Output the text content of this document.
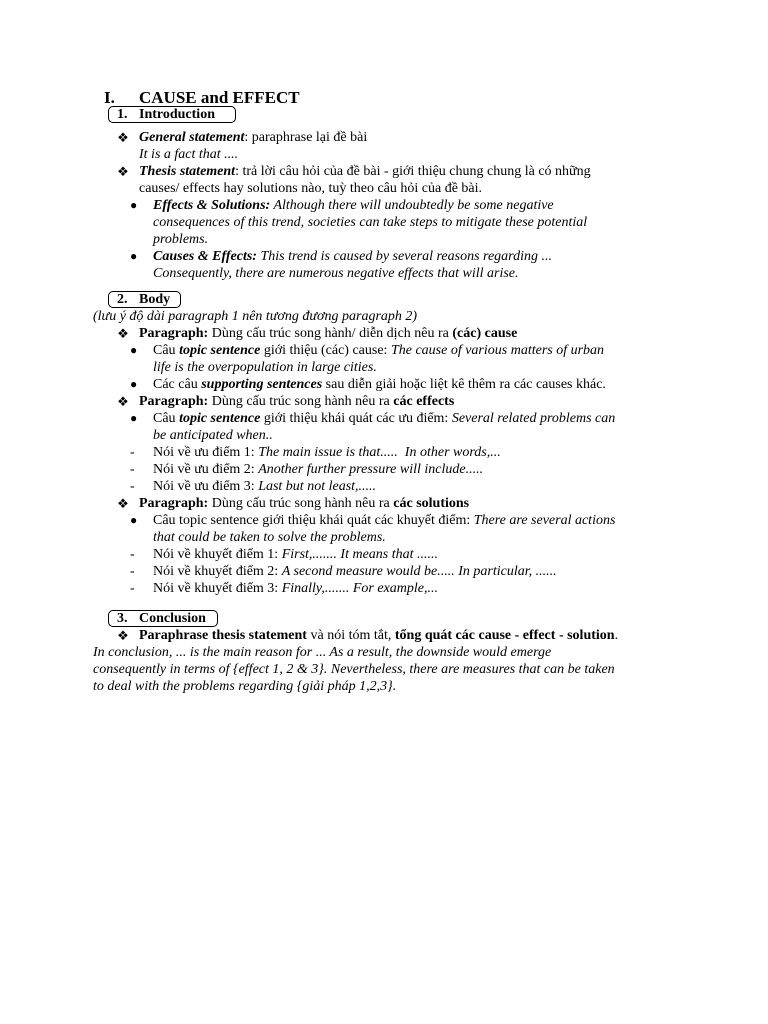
I. CAUSE and EFFECT
1. Introduction
❖ General statement: paraphrase lại đề bài
It is a fact that ....
❖ Thesis statement: trả lời câu hỏi của đề bài - giới thiệu chung chung là có những
causes/ effects hay solutions nào, tuỳ theo câu hỏi của đề bài.
● Effects & Solutions: Although there will undoubtedly be some negative
consequences of this trend, societies can take steps to mitigate these potential
problems.
● Causes & Effects: This trend is caused by several reasons regarding ...
Consequently, there are numerous negative effects that will arise.
2. Body
(lưu ý độ dài paragraph 1 nên tương đương paragraph 2)
❖ Paragraph: Dùng cấu trúc song hành/ diễn dịch nêu ra (các) cause
● Câu topic sentence giới thiệu (các) cause: The cause of various matters of urban
life is the overpopulation in large cities.
● Các câu supporting sentences sau diễn giải hoặc liệt kê thêm ra các causes khác.
❖ Paragraph: Dùng cấu trúc song hành nêu ra các effects
● Câu topic sentence giới thiệu khái quát các ưu điểm: Several related problems can
be anticipated when..
- Nói về ưu điểm 1: The main issue is that.....  In other words,...
- Nói về ưu điểm 2: Another further pressure will include.....
- Nói về ưu điểm 3: Last but not least,.....
❖ Paragraph: Dùng cấu trúc song hành nêu ra các solutions
● Câu topic sentence giới thiệu khái quát các khuyết điểm: There are several actions
that could be taken to solve the problems.
- Nói về khuyết điểm 1: First,....... It means that ......
- Nói về khuyết điểm 2: A second measure would be..... In particular, ......
- Nói về khuyết điểm 3: Finally,....... For example,...
3. Conclusion
❖ Paraphrase thesis statement và nói tóm tắt, tổng quát các cause - effect - solution.
In conclusion, ... is the main reason for ... As a result, the downside would emerge
consequently in terms of {effect 1, 2 & 3}. Nevertheless, there are measures that can be taken
to deal with the problems regarding {giải pháp 1,2,3}.
